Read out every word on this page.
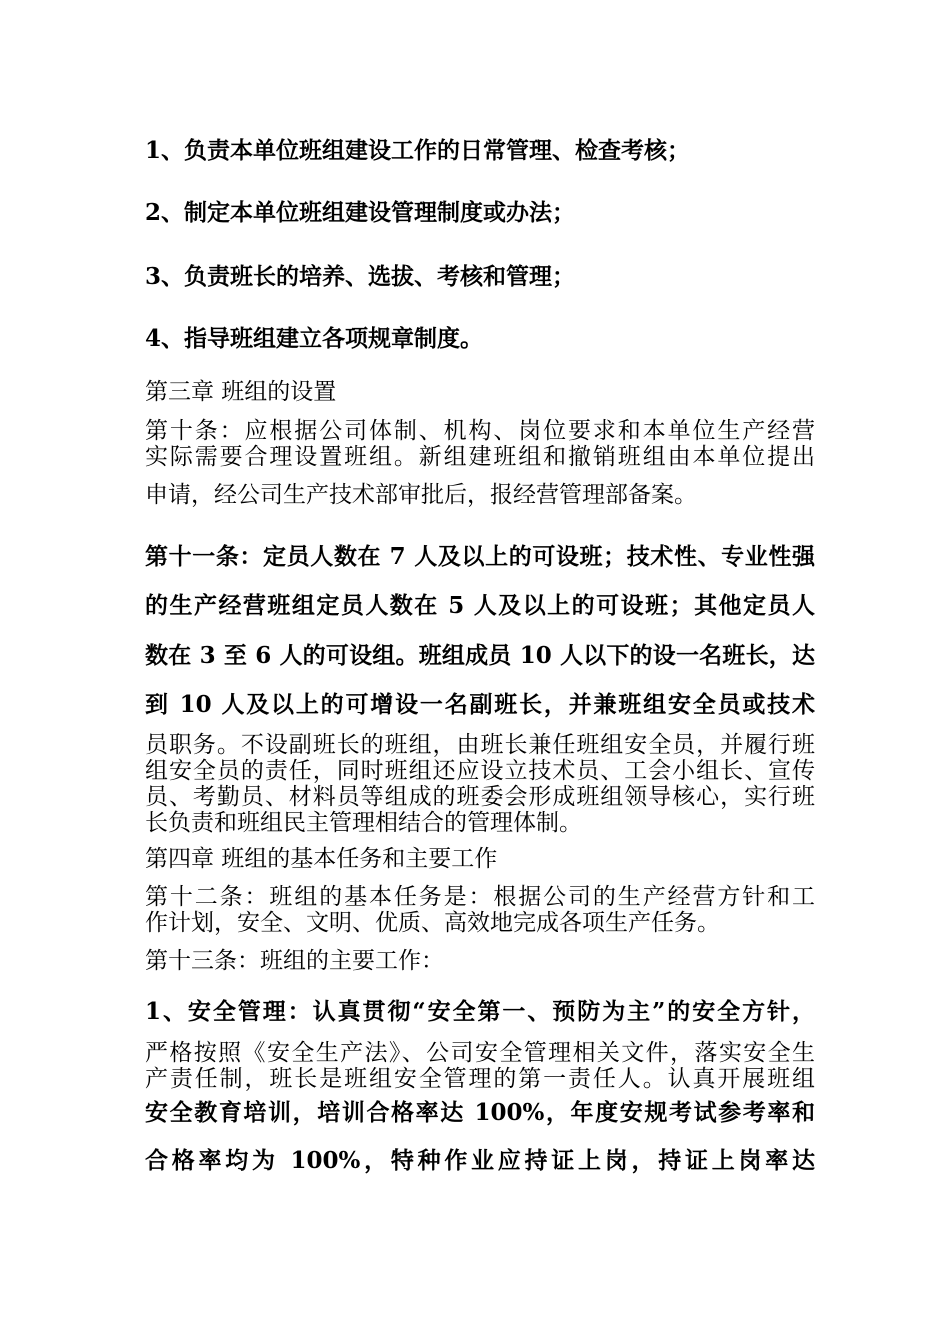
1、负责本单位班组建设工作的日常管理、检查考核；
2、制定本单位班组建设管理制度或办法；
3、负责班长的培养、选拔、考核和管理；
4、指导班组建立各项规章制度。
第三章 班组的设置
第十条：应根据公司体制、机构、岗位要求和本单位生产经营
实际需要合理设置班组。新组建班组和撤销班组由本单位提出
申请，经公司生产技术部审批后，报经营管理部备案。
第十一条：定员人数在 7 人及以上的可设班；技术性、专业性强
的生产经营班组定员人数在 5 人及以上的可设班；其他定员人
数在 3 至 6 人的可设组。班组成员 10 人以下的设一名班长，达
到 10 人及以上的可增设一名副班长，并兼班组安全员或技术
员职务。不设副班长的班组，由班长兼任班组安全员，并履行班
组安全员的责任，同时班组还应设立技术员、工会小组长、宣传
员、考勤员、材料员等组成的班委会形成班组领导核心，实行班
长负责和班组民主管理相结合的管理体制。
第四章 班组的基本任务和主要工作
第十二条：班组的基本任务是：根据公司的生产经营方针和工
作计划，安全、文明、优质、高效地完成各项生产任务。
第十三条：班组的主要工作：
1、安全管理：认真贯彻“安全第一、预防为主”的安全方针，
严格按照《安全生产法》、公司安全管理相关文件，落实安全生
产责任制，班长是班组安全管理的第一责任人。认真开展班组
安全教育培训，培训合格率达 100%，年度安规考试参考率和
合格率均为 100%，特种作业应持证上岗，持证上岗率达
